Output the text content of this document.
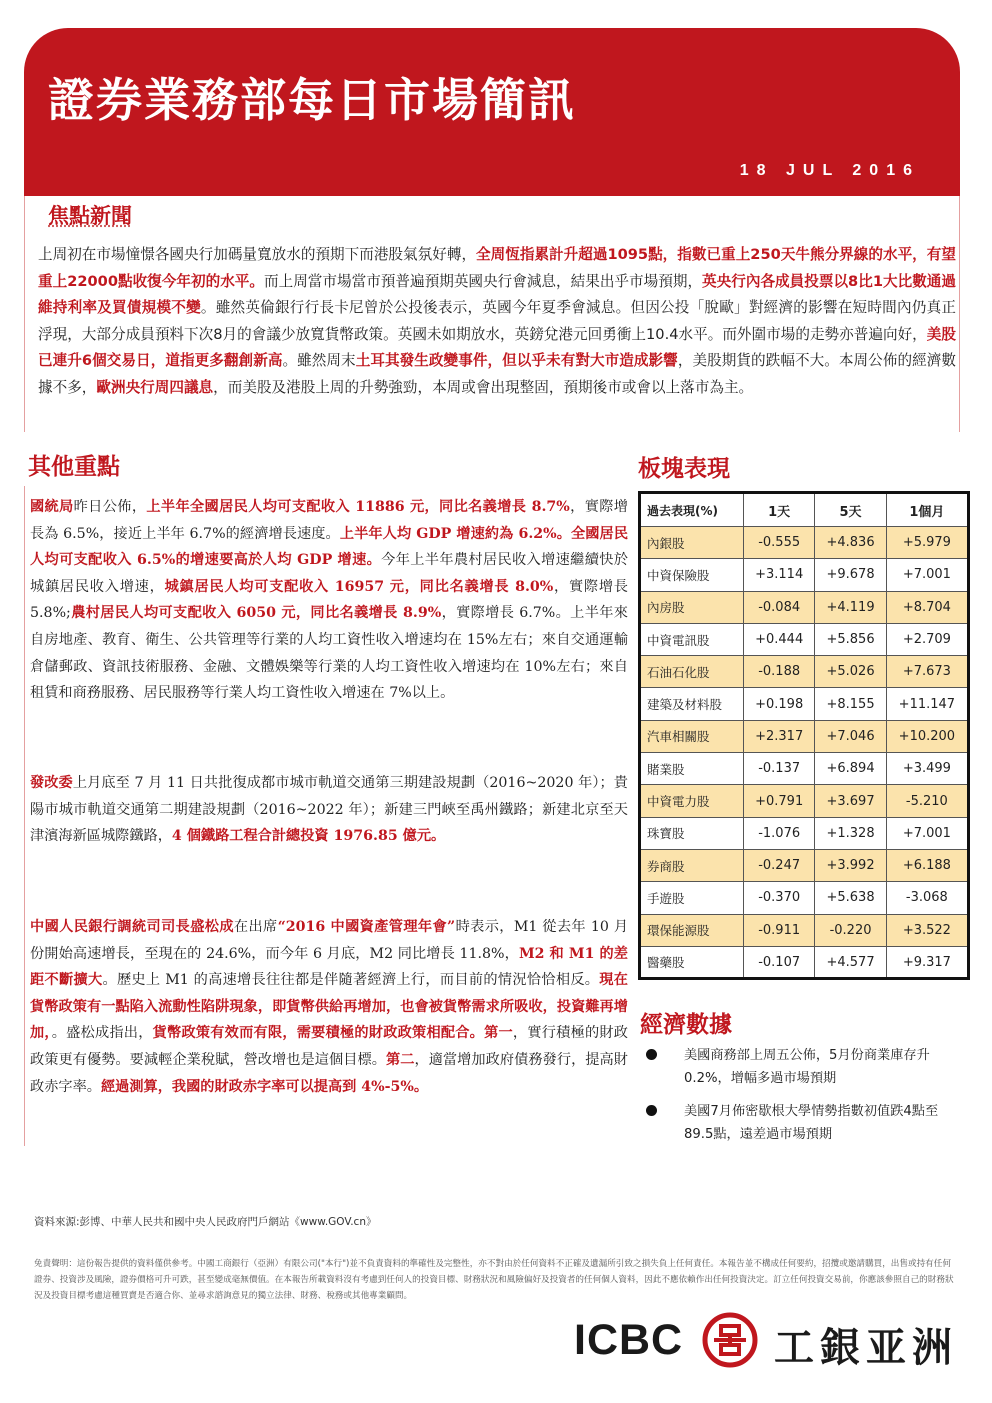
證券業務部每日市場簡訊
18 JUL 2016
焦點新聞

上周初在市場憧憬各國央行加碼量寬放水的預期下而港股氣氛好轉，全周恆指累計升超過1095點，指數已重上250天牛熊分界線的水平，有望重上22000點收復今年初的水平。而上周當市場當市預普遍預期英國央行會減息，結果出乎市場預期，英央行內各成員投票以8比1大比數通過維持利率及買債規模不變。雖然英倫銀行行長卡尼曾於公投後表示，英國今年夏季會減息。但因公投「脫歐」對經濟的影響在短時間內仍真正浮現，大部分成員預料下次8月的會議少放寬貨幣政策。英國未如期放水，英鎊兌港元回勇衝上10.4水平。而外圍市場的走勢亦普遍向好，美股已連升6個交易日，道指更多翻創新高。雖然周末土耳其發生政變事件，但以乎未有對大市造成影響，美股期貨的跌幅不大。本周公佈的經濟數據不多，歐洲央行周四議息，而美股及港股上周的升勢強勁，本周或會出現整固，預期後市或會以上落市為主。

其他重點

國統局昨日公佈，上半年全國居民人均可支配收入 11886 元，同比名義增長 8.7%，實際增長為 6.5%，接近上半年 6.7%的經濟增長速度。上半年人均 GDP 增速約為 6.2%。全國居民人均可支配收入 6.5%的增速要高於人均 GDP 增速。今年上半年農村居民收入增速繼續快於城鎮居民收入增速，城鎮居民人均可支配收入 16957 元，同比名義增長 8.0%，實際增長 5.8%;農村居民人均可支配收入 6050 元，同比名義增長 8.9%，實際增長 6.7%。上半年來自房地產、教育、衛生、公共管理等行業的人均工資性收入增速均在 15%左右；來自交通運輸倉儲郵政、資訊技術服務、金融、文體娛樂等行業的人均工資性收入增速均在 10%左右；來自租賃和商務服務、居民服務等行業人均工資性收入增速在 7%以上。

發改委上月底至 7 月 11 日共批復成都市城市軌道交通第三期建設規劃（2016~2020 年）；貴陽市城市軌道交通第二期建設規劃（2016~2022 年）；新建三門峽至禹州鐵路；新建北京至天津濱海新區城際鐵路，4 個鐵路工程合計總投資 1976.85 億元。

中國人民銀行調統司司長盛松成在出席“2016 中國資產管理年會”時表示，M1 從去年 10 月份開始高速增長，至現在的 24.6%，而今年 6 月底，M2 同比增長 11.8%，M2 和 M1 的差距不斷擴大。歷史上 M1 的高速增長往往都是伴隨著經濟上行，而目前的情況恰恰相反。現在貨幣政策有一點陷入流動性陷阱現象，即貨幣供給再增加，也會被貨幣需求所吸收，投資難再增加，。盛松成指出，貨幣政策有效而有限，需要積極的財政政策相配合。第一，實行積極的財政政策更有優勢。要減輕企業稅賦，營改增也是這個目標。第二，適當增加政府債務發行，提高財政赤字率。經過測算，我國的財政赤字率可以提高到 4%-5%。

板塊表現
過去表現(%)	1天	5天	1個月
內銀股	-0.555	+4.836	+5.979
中資保險股	+3.114	+9.678	+7.001
內房股	-0.084	+4.119	+8.704
中資電訊股	+0.444	+5.856	+2.709
石油石化股	-0.188	+5.026	+7.673
建築及材料股	+0.198	+8.155	+11.147
汽車相關股	+2.317	+7.046	+10.200
賭業股	-0.137	+6.894	+3.499
中資電力股	+0.791	+3.697	-5.210
珠寶股	-1.076	+1.328	+7.001
券商股	-0.247	+3.992	+6.188
手遊股	-0.370	+5.638	-3.068
環保能源股	-0.911	-0.220	+3.522
醫藥股	-0.107	+4.577	+9.317
經濟數據
美國商務部上周五公佈，5月份商業庫存升0.2%，增幅多過市場預期
美國7月佈密歇根大學情勢指數初值跌4點至89.5點，遠差過市場預期
資料來源:彭博、中華人民共和國中央人民政府門戶網站《www.GOV.cn》

免責聲明：這份報告提供的資料僅供參考。中國工商銀行（亞洲）有限公司("本行")並不負責資料的準確性及完整性，亦不對由於任何資料不正確及遺漏所引致之損失負上任何責任。本報告並不構成任何要約，招攬或邀請購買，出售或持有任何證券、投資涉及風險，證券價格可升可跌，甚至變成毫無價值。在本報告所載資料沒有考慮到任何人的投資目標、財務狀況和風險偏好及投資者的任何個人資料，因此不應依賴作出任何投資決定。訂立任何投資交易前，你應該參照自己的財務狀況及投資目標考慮這種買賣是否適合你、並尋求諮詢意見的獨立法律、財務、稅務或其他專業顧問。

ICBC 工銀亚洲
